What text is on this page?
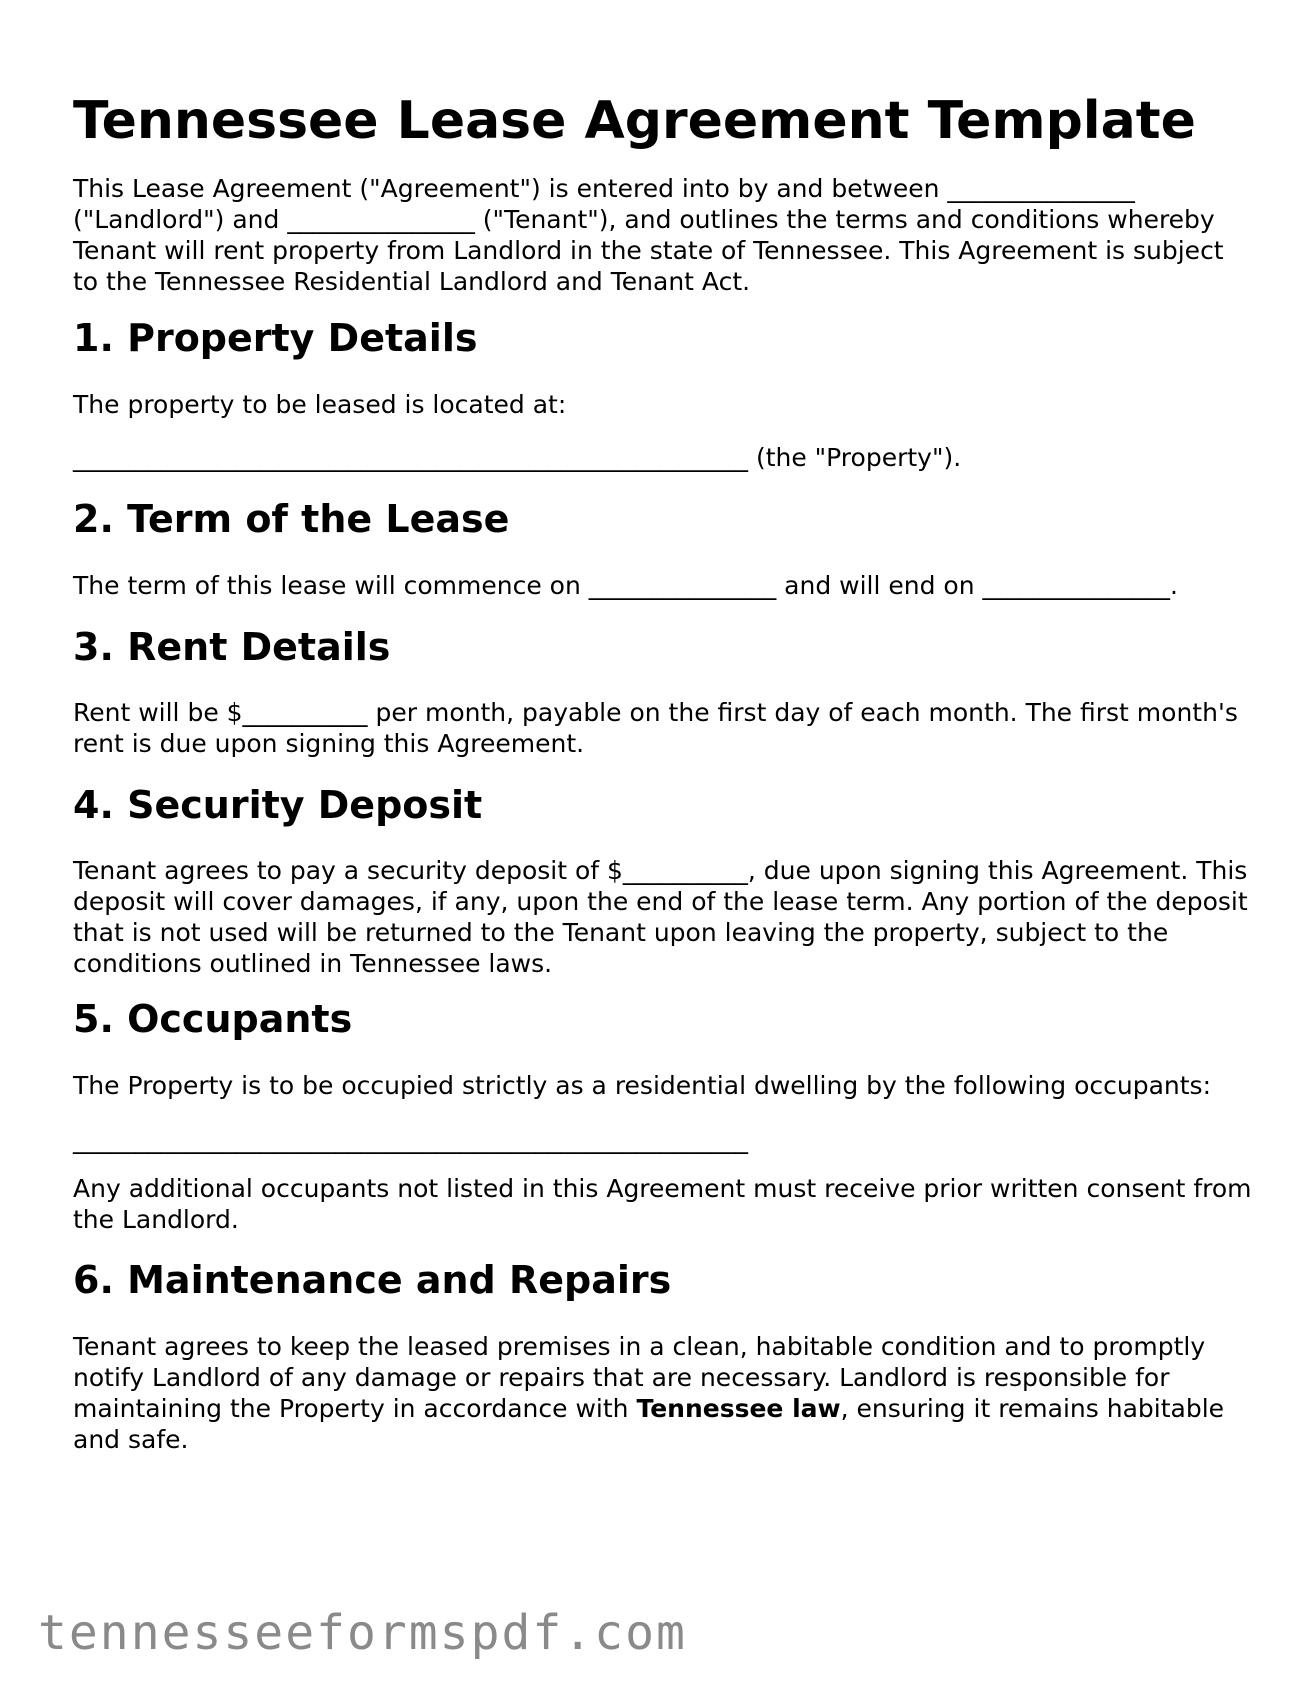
Tennessee Lease Agreement Template

This Lease Agreement ("Agreement") is entered into by and between _______________ ("Landlord") and _______________ ("Tenant"), and outlines the terms and conditions whereby Tenant will rent property from Landlord in the state of Tennessee. This Agreement is subject to the Tennessee Residential Landlord and Tenant Act.

1. Property Details

The property to be leased is located at:

______________________________________________________ (the "Property").

2. Term of the Lease

The term of this lease will commence on _______________ and will end on _______________.

3. Rent Details

Rent will be $__________ per month, payable on the first day of each month. The first month's rent is due upon signing this Agreement.

4. Security Deposit

Tenant agrees to pay a security deposit of $__________, due upon signing this Agreement. This deposit will cover damages, if any, upon the end of the lease term. Any portion of the deposit that is not used will be returned to the Tenant upon leaving the property, subject to the conditions outlined in Tennessee laws.

5. Occupants

The Property is to be occupied strictly as a residential dwelling by the following occupants:

______________________________________________________

Any additional occupants not listed in this Agreement must receive prior written consent from the Landlord.

6. Maintenance and Repairs

Tenant agrees to keep the leased premises in a clean, habitable condition and to promptly notify Landlord of any damage or repairs that are necessary. Landlord is responsible for maintaining the Property in accordance with Tennessee law, ensuring it remains habitable and safe.

tennesseeformspdf.com
